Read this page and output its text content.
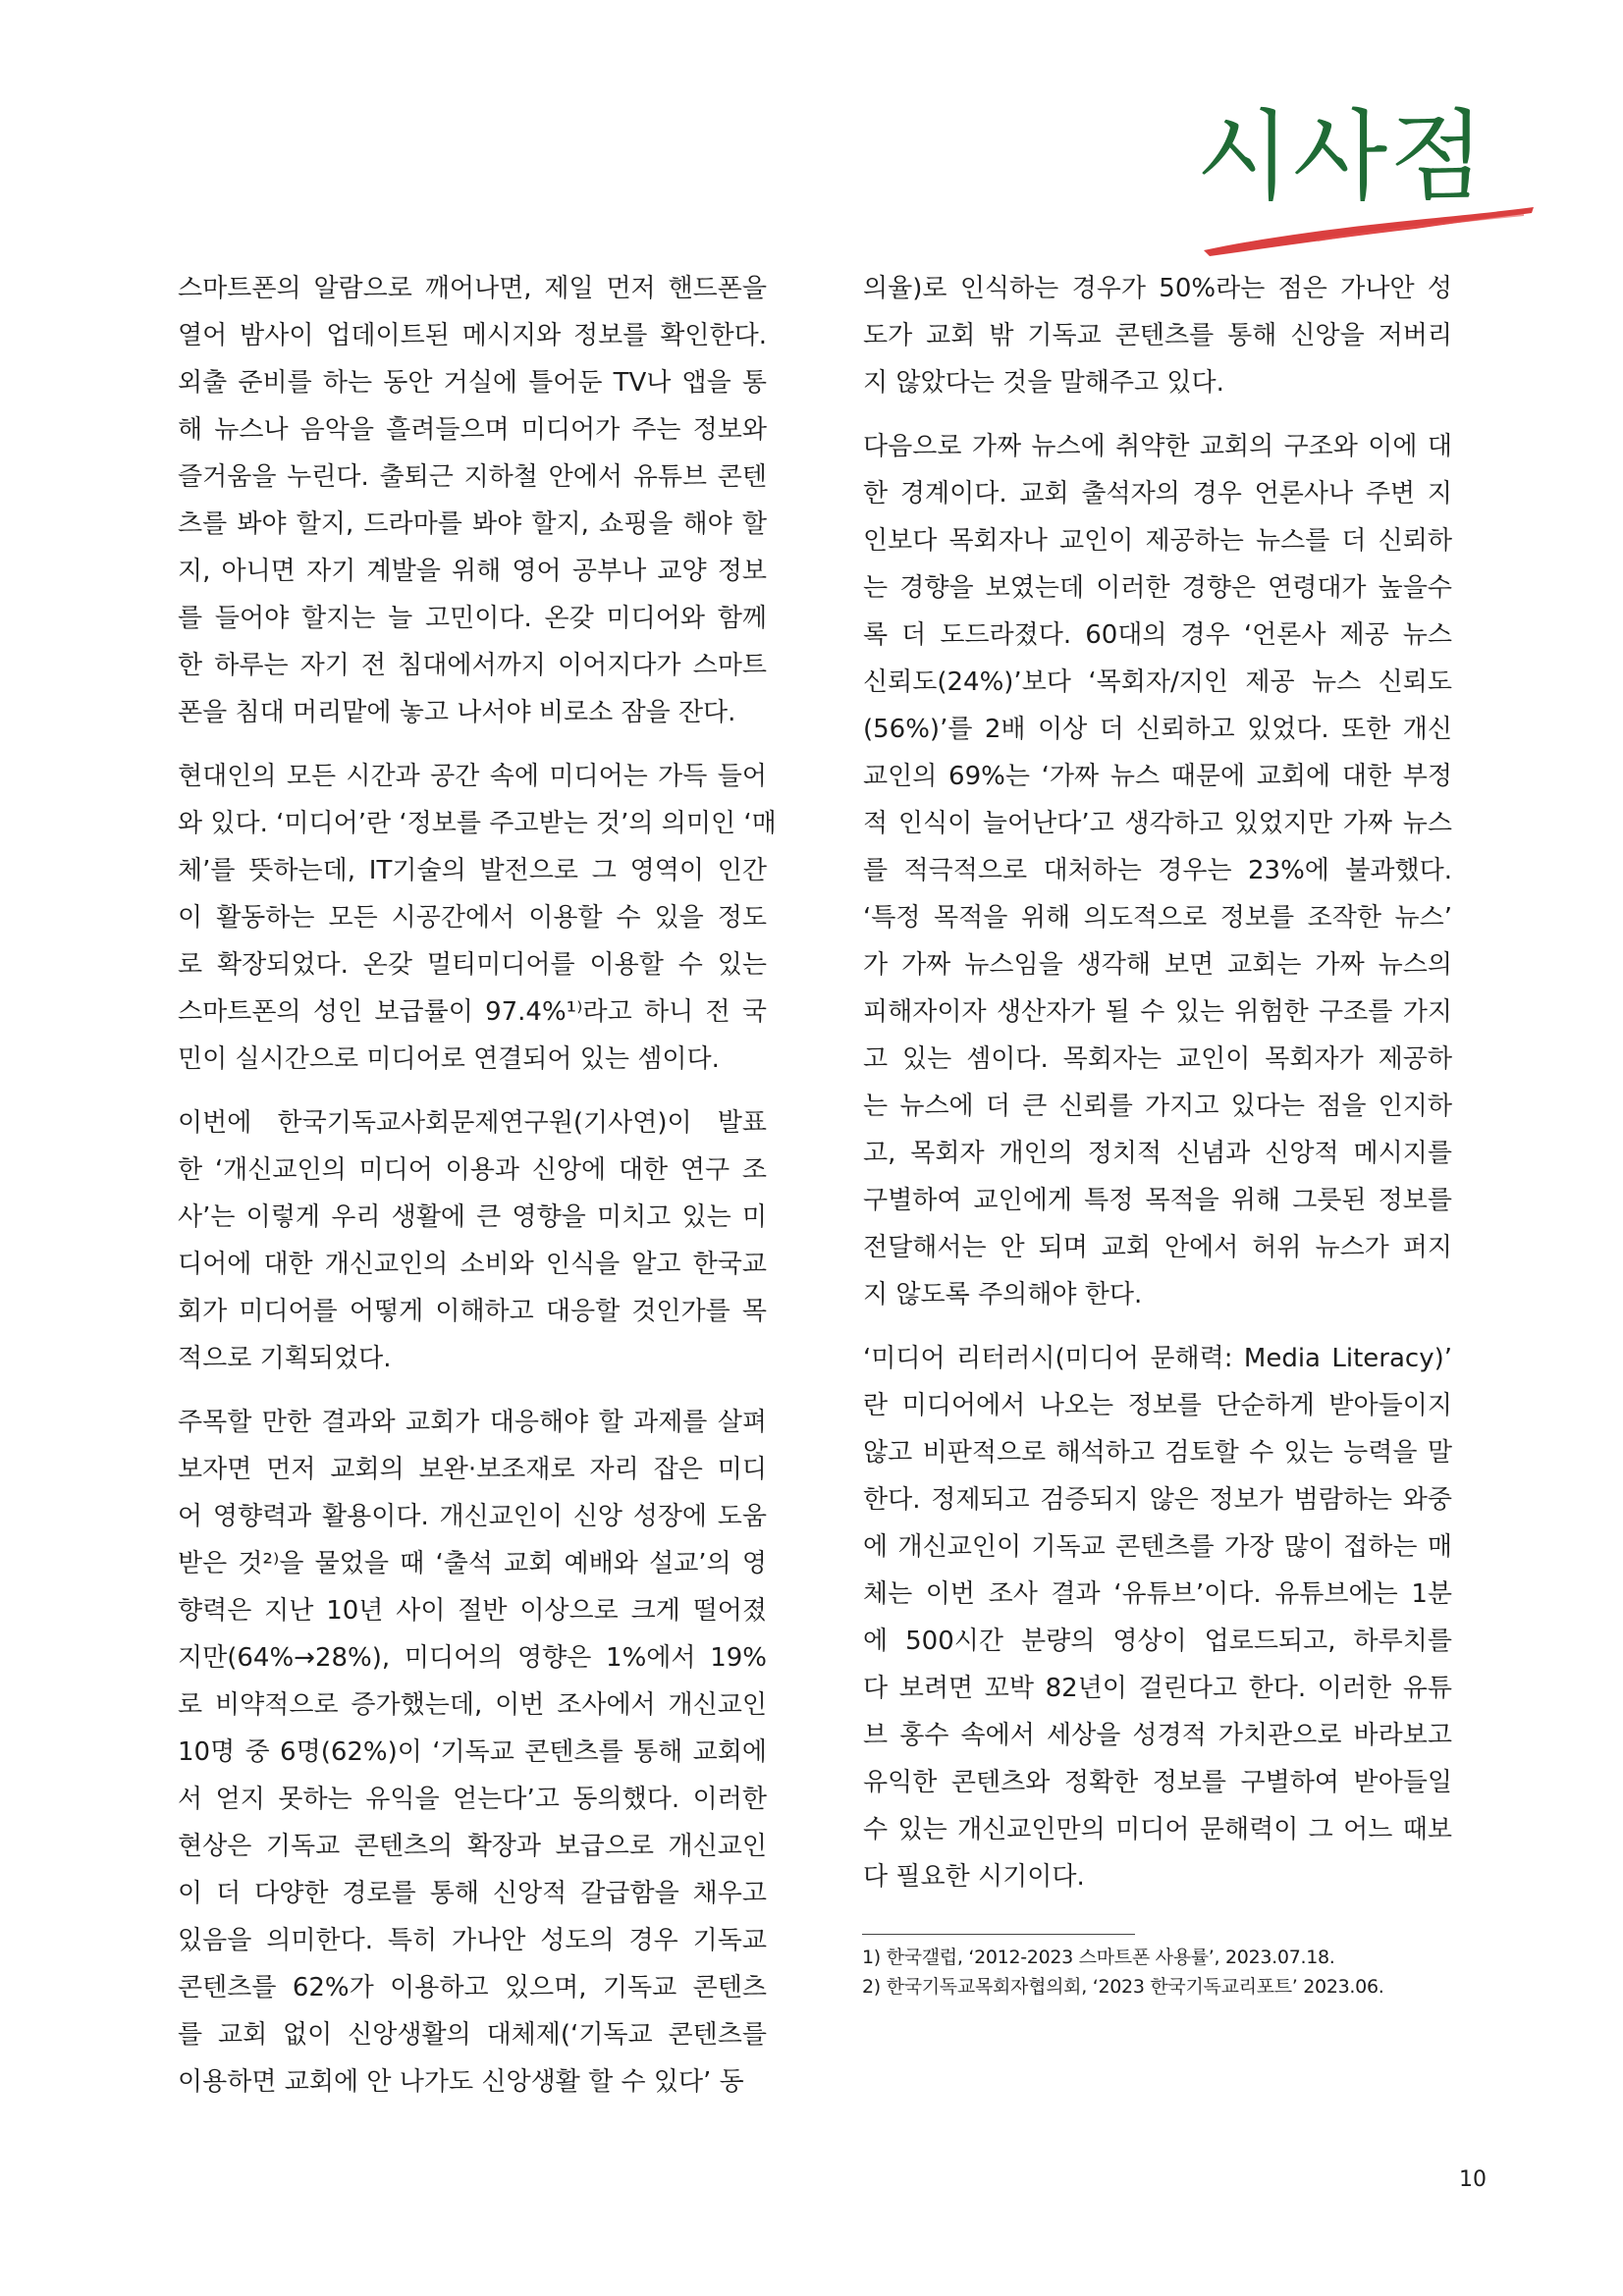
시사점
스마트폰의 알람으로 깨어나면, 제일 먼저 핸드폰을
열어 밤사이 업데이트된 메시지와 정보를 확인한다.
외출 준비를 하는 동안 거실에 틀어둔 TV나 앱을 통
해 뉴스나 음악을 흘려들으며 미디어가 주는 정보와
즐거움을 누린다. 출퇴근 지하철 안에서 유튜브 콘텐
츠를 봐야 할지, 드라마를 봐야 할지, 쇼핑을 해야 할
지, 아니면 자기 계발을 위해 영어 공부나 교양 정보
를 들어야 할지는 늘 고민이다. 온갖 미디어와 함께
한 하루는 자기 전 침대에서까지 이어지다가 스마트
폰을 침대 머리맡에 놓고 나서야 비로소 잠을 잔다.
현대인의 모든 시간과 공간 속에 미디어는 가득 들어
와 있다. ‘미디어’란 ‘정보를 주고받는 것’의 의미인 ‘매
체’를 뜻하는데, IT기술의 발전으로 그 영역이 인간
이 활동하는 모든 시공간에서 이용할 수 있을 정도
로 확장되었다. 온갖 멀티미디어를 이용할 수 있는
스마트폰의 성인 보급률이 97.4%¹⁾라고 하니 전 국
민이 실시간으로 미디어로 연결되어 있는 셈이다.
이번에 한국기독교사회문제연구원(기사연)이 발표
한 ‘개신교인의 미디어 이용과 신앙에 대한 연구 조
사’는 이렇게 우리 생활에 큰 영향을 미치고 있는 미
디어에 대한 개신교인의 소비와 인식을 알고 한국교
회가 미디어를 어떻게 이해하고 대응할 것인가를 목
적으로 기획되었다.
주목할 만한 결과와 교회가 대응해야 할 과제를 살펴
보자면 먼저 교회의 보완·보조재로 자리 잡은 미디
어 영향력과 활용이다. 개신교인이 신앙 성장에 도움
받은 것²⁾을 물었을 때 ‘출석 교회 예배와 설교’의 영
향력은 지난 10년 사이 절반 이상으로 크게 떨어졌
지만(64%→28%), 미디어의 영향은 1%에서 19%
로 비약적으로 증가했는데, 이번 조사에서 개신교인
10명 중 6명(62%)이 ‘기독교 콘텐츠를 통해 교회에
서 얻지 못하는 유익을 얻는다’고 동의했다. 이러한
현상은 기독교 콘텐츠의 확장과 보급으로 개신교인
이 더 다양한 경로를 통해 신앙적 갈급함을 채우고
있음을 의미한다. 특히 가나안 성도의 경우 기독교
콘텐츠를 62%가 이용하고 있으며, 기독교 콘텐츠
를 교회 없이 신앙생활의 대체제(‘기독교 콘텐츠를
이용하면 교회에 안 나가도 신앙생활 할 수 있다’ 동
의율)로 인식하는 경우가 50%라는 점은 가나안 성
도가 교회 밖 기독교 콘텐츠를 통해 신앙을 저버리
지 않았다는 것을 말해주고 있다.
다음으로 가짜 뉴스에 취약한 교회의 구조와 이에 대
한 경계이다. 교회 출석자의 경우 언론사나 주변 지
인보다 목회자나 교인이 제공하는 뉴스를 더 신뢰하
는 경향을 보였는데 이러한 경향은 연령대가 높을수
록 더 도드라졌다. 60대의 경우 ‘언론사 제공 뉴스
신뢰도(24%)’보다 ‘목회자/지인 제공 뉴스 신뢰도
(56%)’를 2배 이상 더 신뢰하고 있었다. 또한 개신
교인의 69%는 ‘가짜 뉴스 때문에 교회에 대한 부정
적 인식이 늘어난다’고 생각하고 있었지만 가짜 뉴스
를 적극적으로 대처하는 경우는 23%에 불과했다.
‘특정 목적을 위해 의도적으로 정보를 조작한 뉴스’
가 가짜 뉴스임을 생각해 보면 교회는 가짜 뉴스의
피해자이자 생산자가 될 수 있는 위험한 구조를 가지
고 있는 셈이다. 목회자는 교인이 목회자가 제공하
는 뉴스에 더 큰 신뢰를 가지고 있다는 점을 인지하
고, 목회자 개인의 정치적 신념과 신앙적 메시지를
구별하여 교인에게 특정 목적을 위해 그릇된 정보를
전달해서는 안 되며 교회 안에서 허위 뉴스가 퍼지
지 않도록 주의해야 한다.
‘미디어 리터러시(미디어 문해력: Media Literacy)’
란 미디어에서 나오는 정보를 단순하게 받아들이지
않고 비판적으로 해석하고 검토할 수 있는 능력을 말
한다. 정제되고 검증되지 않은 정보가 범람하는 와중
에 개신교인이 기독교 콘텐츠를 가장 많이 접하는 매
체는 이번 조사 결과 ‘유튜브’이다. 유튜브에는 1분
에 500시간 분량의 영상이 업로드되고, 하루치를
다 보려면 꼬박 82년이 걸린다고 한다. 이러한 유튜
브 홍수 속에서 세상을 성경적 가치관으로 바라보고
유익한 콘텐츠와 정확한 정보를 구별하여 받아들일
수 있는 개신교인만의 미디어 문해력이 그 어느 때보
다 필요한 시기이다.
1) 한국갤럽, ‘2012-2023 스마트폰 사용률’, 2023.07.18.
2) 한국기독교목회자협의회, ‘2023 한국기독교리포트’ 2023.06.
10
